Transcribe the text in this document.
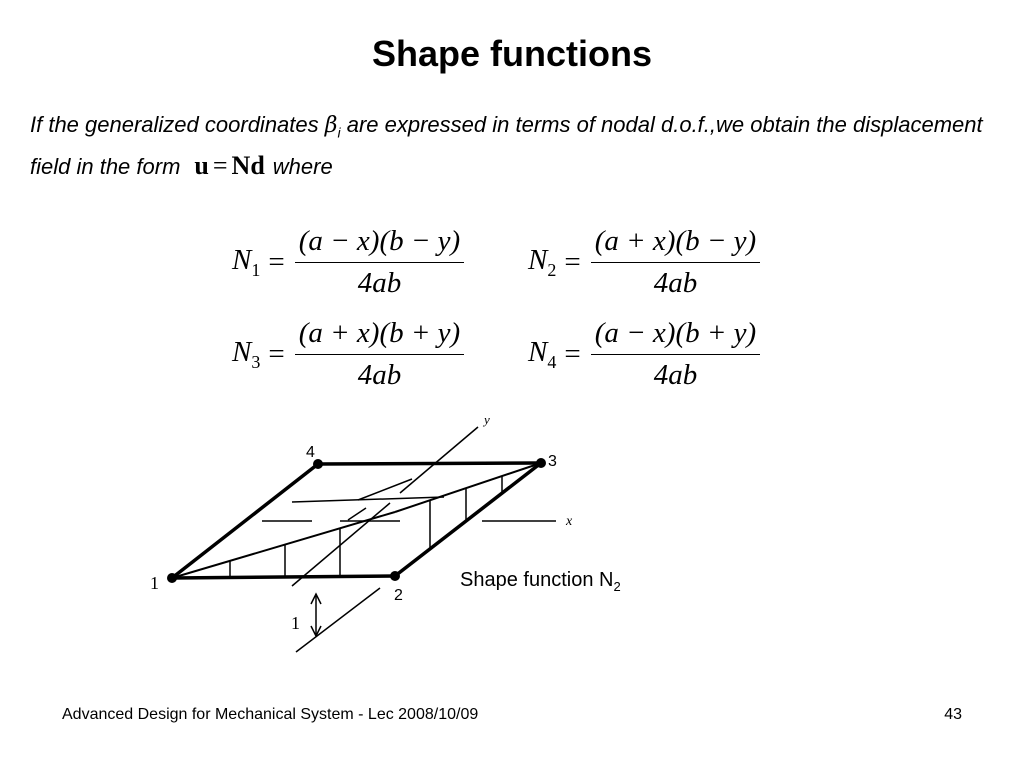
Shape functions

If the generalized coordinates $\beta_i$ are expressed in terms of nodal d.o.f.,we obtain the displacement field in the form u = Nd where

$N_1 = \frac{(a - x)(b - y)}{4ab} N_2 = \frac{(a + x)(b - y)}{4ab}$
$N_3 = \frac{(a + x)(b + y)}{4ab} N_4 = \frac{(a - x)(b + y)}{4ab}$
1
2
3
4
y
x
1

Shape function $N_2$

Advanced Design for Mechanical System - Lec 2008/10/09	43
